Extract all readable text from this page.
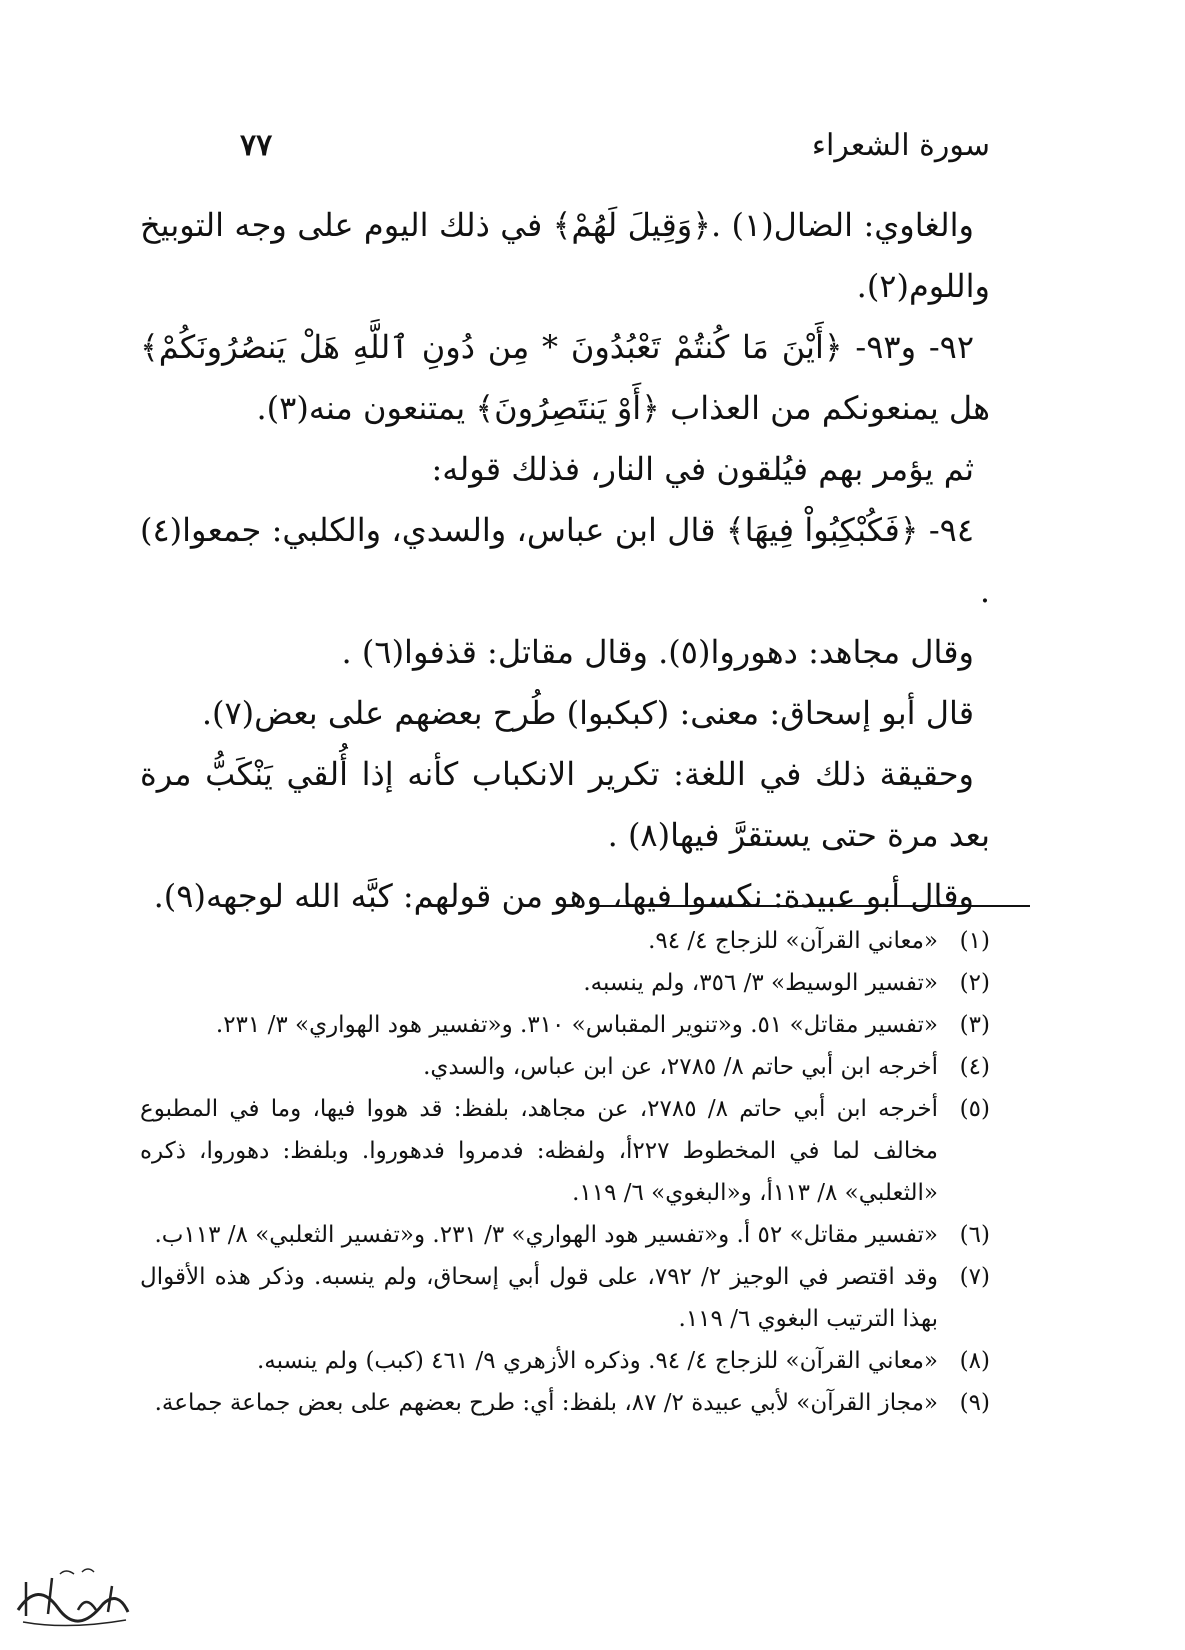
سورة الشعراء
٧٧

والغاوي: الضال(١) .﴿وَقِيلَ لَهُمْ﴾ في ذلك اليوم على وجه التوبيخ واللوم(٢).

٩٢- و٩٣- ﴿أَيْنَ مَا كُنتُمْ تَعْبُدُونَ * مِن دُونِ ٱللَّهِ هَلْ يَنصُرُونَكُمْ﴾ هل يمنعونكم من العذاب ﴿أَوْ يَنتَصِرُونَ﴾ يمتنعون منه(٣).

ثم يؤمر بهم فيُلقون في النار، فذلك قوله:

٩٤- ﴿فَكُبْكِبُواْ فِيهَا﴾ قال ابن عباس، والسدي، والكلبي: جمعوا(٤) .

وقال مجاهد: دهوروا(٥). وقال مقاتل: قذفوا(٦) .

قال أبو إسحاق: معنى: (كبكبوا) طُرح بعضهم على بعض(٧).

وحقيقة ذلك في اللغة: تكرير الانكباب كأنه إذا أُلقي يَنْكَبُّ مرة بعد مرة حتى يستقرَّ فيها(٨) .

وقال أبو عبيدة: نكسوا فيها، وهو من قولهم: كبَّه الله لوجهه(٩).

(١)
«معاني القرآن» للزجاج ٤/ ٩٤.

(٢)
«تفسير الوسيط» ٣/ ٣٥٦، ولم ينسبه.

(٣)
«تفسير مقاتل» ٥١. و«تنوير المقباس» ٣١٠. و«تفسير هود الهواري» ٣/ ٢٣١.

(٤)
أخرجه ابن أبي حاتم ٨/ ٢٧٨٥، عن ابن عباس، والسدي.

(٥)
أخرجه ابن أبي حاتم ٨/ ٢٧٨٥، عن مجاهد، بلفظ: قد هووا فيها، وما في المطبوع مخالف لما في المخطوط ٢٢٧أ، ولفظه: فدمروا فدهوروا. وبلفظ: دهوروا، ذكره «الثعلبي» ٨/ ١١٣أ، و«البغوي» ٦/ ١١٩.

(٦)
«تفسير مقاتل» ٥٢ أ. و«تفسير هود الهواري» ٣/ ٢٣١. و«تفسير الثعلبي» ٨/ ١١٣ب.

(٧)
وقد اقتصر في الوجيز ٢/ ٧٩٢، على قول أبي إسحاق، ولم ينسبه. وذكر هذه الأقوال بهذا الترتيب البغوي ٦/ ١١٩.

(٨)
«معاني القرآن» للزجاج ٤/ ٩٤. وذكره الأزهري ٩/ ٤٦١ (كبب) ولم ينسبه.

(٩)
«مجاز القرآن» لأبي عبيدة ٢/ ٨٧، بلفظ: أي: طرح بعضهم على بعض جماعة جماعة.
